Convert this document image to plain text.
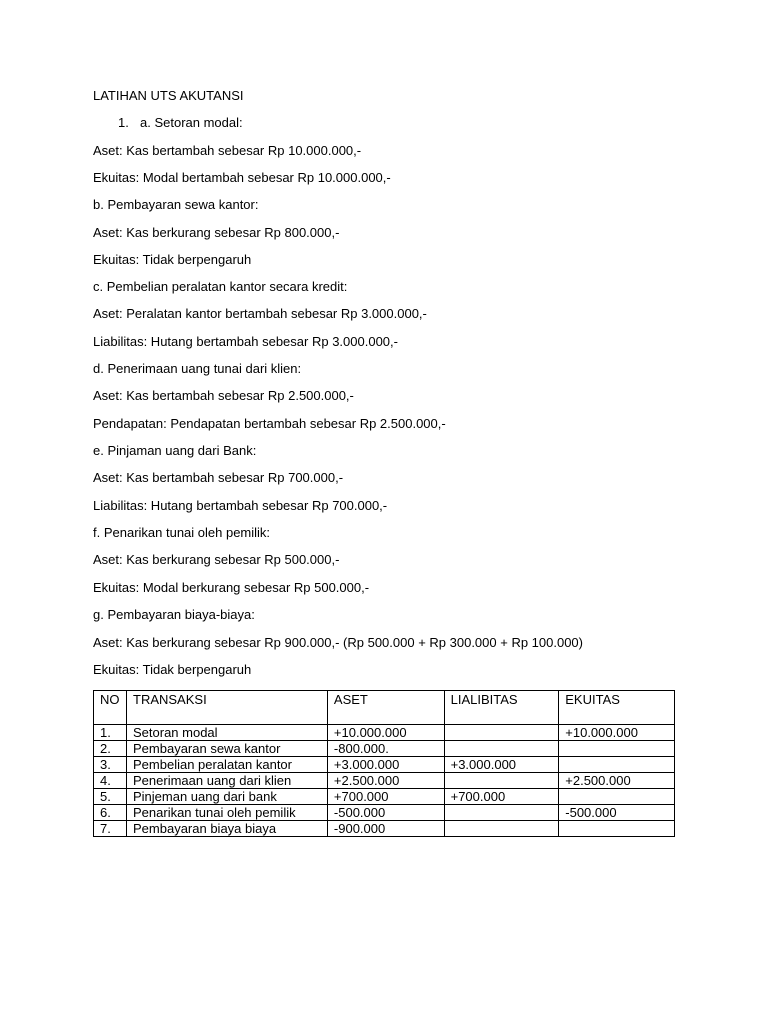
LATIHAN UTS AKUTANSI
1. a. Setoran modal:
Aset: Kas bertambah sebesar Rp 10.000.000,-
Ekuitas: Modal bertambah sebesar Rp 10.000.000,-
b. Pembayaran sewa kantor:
Aset: Kas berkurang sebesar Rp 800.000,-
Ekuitas: Tidak berpengaruh
c. Pembelian peralatan kantor secara kredit:
Aset: Peralatan kantor bertambah sebesar Rp 3.000.000,-
Liabilitas: Hutang bertambah sebesar Rp 3.000.000,-
d. Penerimaan uang tunai dari klien:
Aset: Kas bertambah sebesar Rp 2.500.000,-
Pendapatan: Pendapatan bertambah sebesar Rp 2.500.000,-
e. Pinjaman uang dari Bank:
Aset: Kas bertambah sebesar Rp 700.000,-
Liabilitas: Hutang bertambah sebesar Rp 700.000,-
f. Penarikan tunai oleh pemilik:
Aset: Kas berkurang sebesar Rp 500.000,-
Ekuitas: Modal berkurang sebesar Rp 500.000,-
g. Pembayaran biaya-biaya:
Aset: Kas berkurang sebesar Rp 900.000,- (Rp 500.000 + Rp 300.000 + Rp 100.000)
Ekuitas: Tidak berpengaruh
NO	TRANSAKSI	ASET	LIALIBITAS	EKUITAS
1.	Setoran modal	+10.000.000		+10.000.000
2.	Pembayaran sewa kantor	-800.000.		
3.	Pembelian peralatan kantor	+3.000.000	+3.000.000	
4.	Penerimaan uang dari klien	+2.500.000		+2.500.000
5.	Pinjeman uang dari bank	+700.000	+700.000	
6.	Penarikan tunai oleh pemilik	-500.000		-500.000
7.	Pembayaran biaya biaya	-900.000		
